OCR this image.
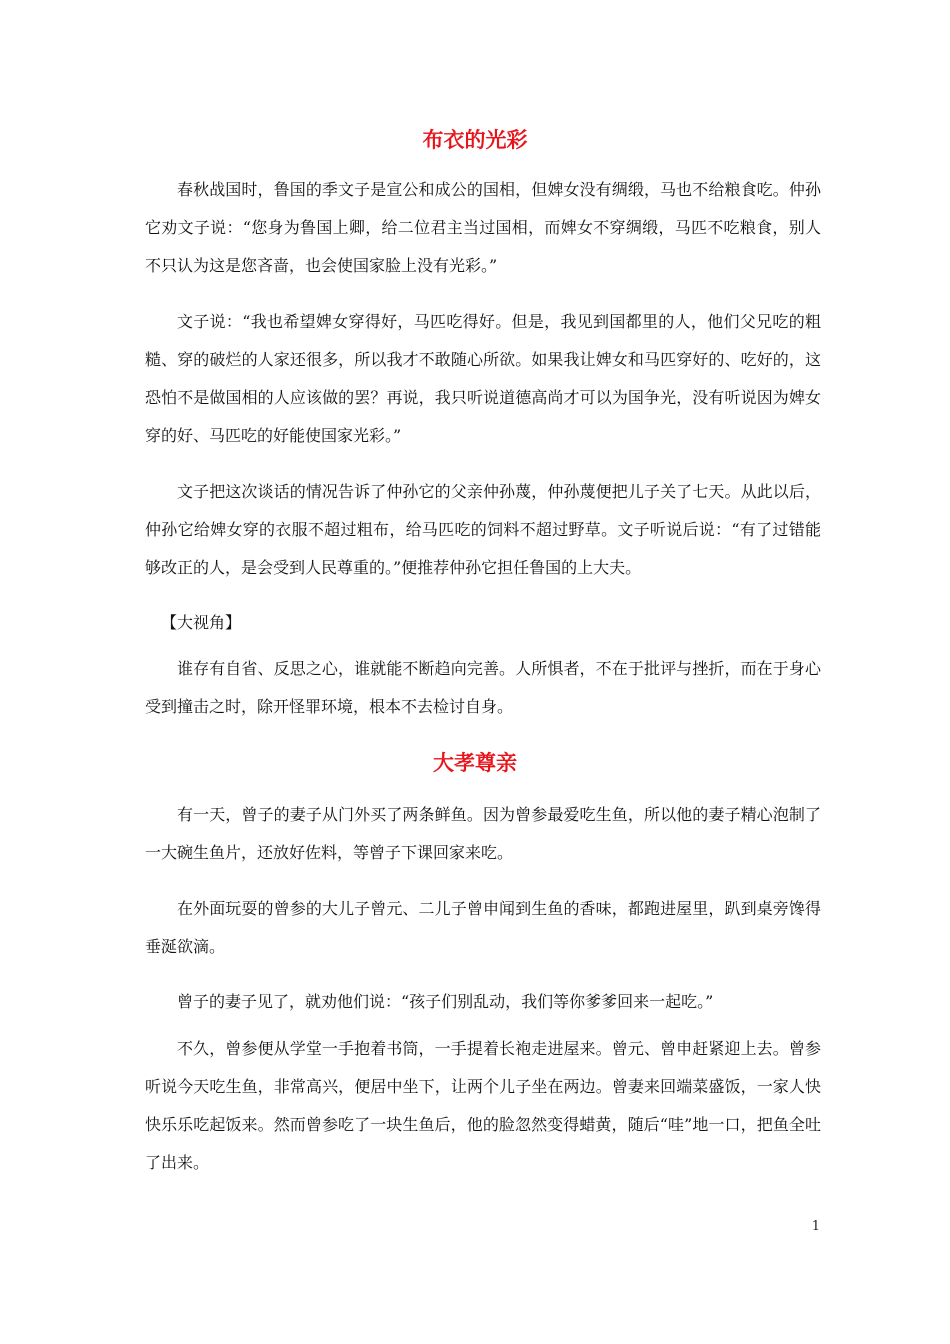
布衣的光彩

春秋战国时，鲁国的季文子是宣公和成公的国相，但婢女没有绸缎，马也不给粮食吃。仲孙它劝文子说：“您身为鲁国上卿，给二位君主当过国相，而婢女不穿绸缎，马匹不吃粮食，别人不只认为这是您吝啬，也会使国家脸上没有光彩。”

文子说：“我也希望婢女穿得好，马匹吃得好。但是，我见到国都里的人，他们父兄吃的粗糙、穿的破烂的人家还很多，所以我才不敢随心所欲。如果我让婢女和马匹穿好的、吃好的，这恐怕不是做国相的人应该做的罢？再说，我只听说道德高尚才可以为国争光，没有听说因为婢女穿的好、马匹吃的好能使国家光彩。”

文子把这次谈话的情况告诉了仲孙它的父亲仲孙蔑，仲孙蔑便把儿子关了七天。从此以后，仲孙它给婢女穿的衣服不超过粗布，给马匹吃的饲料不超过野草。文子听说后说：“有了过错能够改正的人，是会受到人民尊重的。”便推荐仲孙它担任鲁国的上大夫。

【大视角】

谁存有自省、反思之心，谁就能不断趋向完善。人所惧者，不在于批评与挫折，而在于身心受到撞击之时，除开怪罪环境，根本不去检讨自身。

大孝尊亲

有一天，曾子的妻子从门外买了两条鲜鱼。因为曾参最爱吃生鱼，所以他的妻子精心泡制了一大碗生鱼片，还放好佐料，等曾子下课回家来吃。

在外面玩耍的曾参的大儿子曾元、二儿子曾申闻到生鱼的香味，都跑进屋里，趴到桌旁馋得垂涎欲滴。

曾子的妻子见了，就劝他们说：“孩子们别乱动，我们等你爹爹回来一起吃。”

不久，曾参便从学堂一手抱着书筒，一手提着长袍走进屋来。曾元、曾申赶紧迎上去。曾参听说今天吃生鱼，非常高兴，便居中坐下，让两个儿子坐在两边。曾妻来回端菜盛饭，一家人快快乐乐吃起饭来。然而曾参吃了一块生鱼后，他的脸忽然变得蜡黄，随后“哇”地一口，把鱼全吐了出来。

1
